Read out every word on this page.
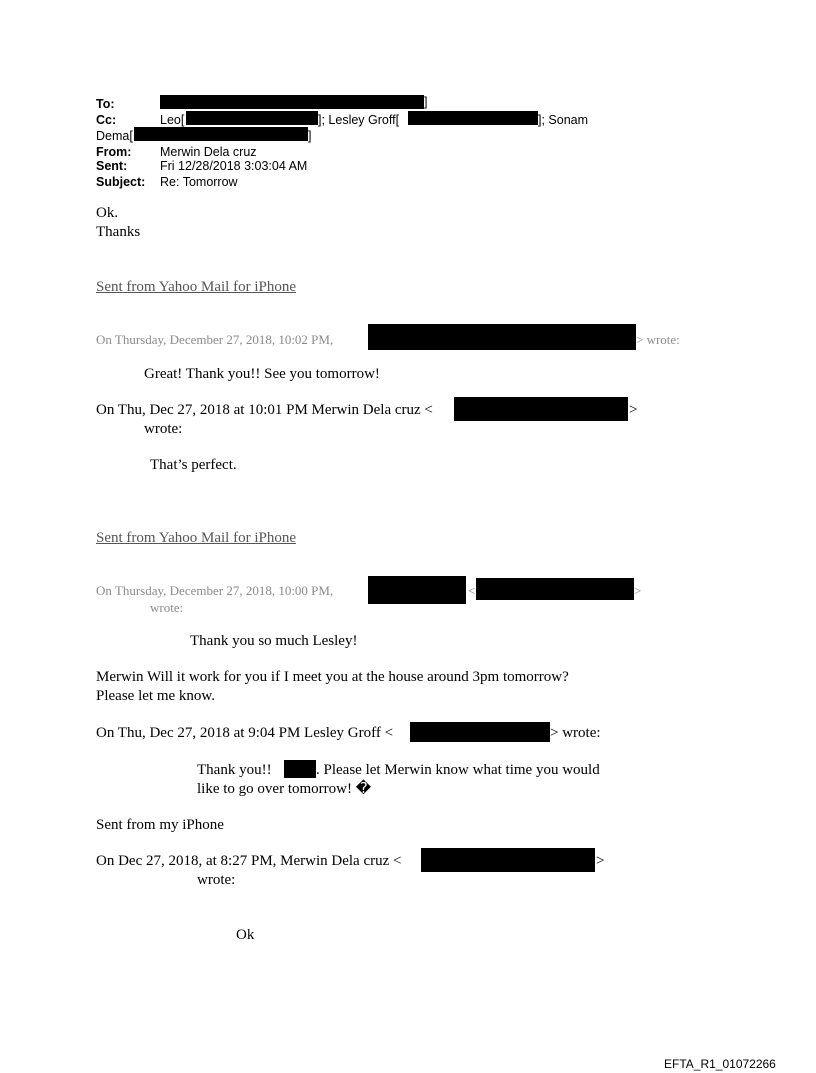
To:	]
Cc:	Leo[	]; Lesley Groff[	]; Sonam
Dema[	]
From: Merwin Dela cruz
Sent:	Fri 12/28/2018 3:03:04 AM
Subject: Re: Tomorrow
Ok.
Thanks
Sent from Yahoo Mail for iPhone
On Thursday, December 27, 2018, 10:02 PM,	> wrote:
Great! Thank you!! See you tomorrow!
On Thu, Dec 27, 2018 at 10:01 PM Merwin Dela cruz <	>
wrote:
That’s perfect.
Sent from Yahoo Mail for iPhone
On Thursday, December 27, 2018, 10:00 PM,	<	>
wrote:
Thank you so much Lesley!
Merwin Will it work for you if I meet you at the house around 3pm tomorrow?
Please let me know.
On Thu, Dec 27, 2018 at 9:04 PM Lesley Groff <	> wrote:
Thank you!!	. Please let Merwin know what time you would
like to go over tomorrow! �
Sent from my iPhone
On Dec 27, 2018, at 8:27 PM, Merwin Dela cruz <	>
wrote:
Ok
EFTA_R1_01072266
